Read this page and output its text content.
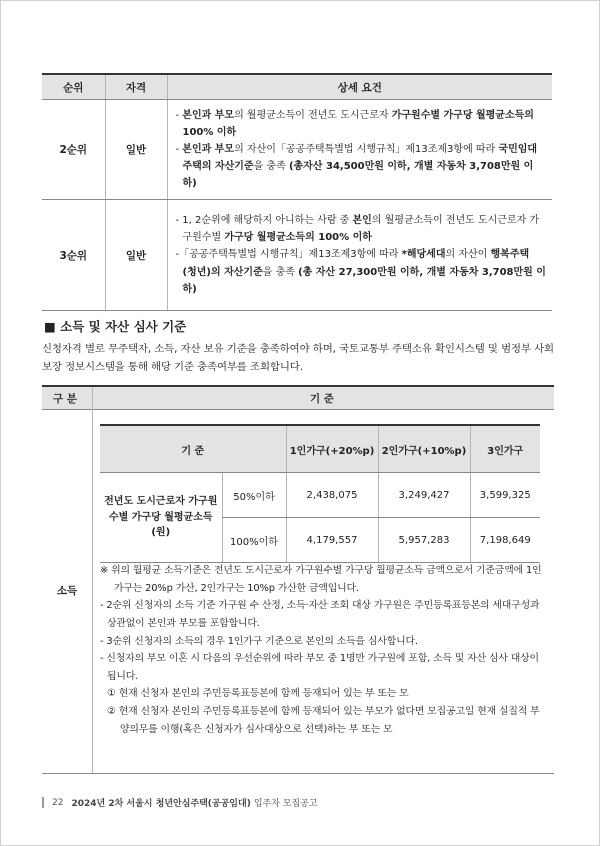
순위	자격	상세 요건
2순위	일반	- 본인과 부모의 월평균소득이 전년도 도시근로자 가구원수별 가구당 월평균소득의 100% 이하
- 본인과 부모의 자산이「공공주택특별법 시행규칙」제13조제3항에 따라 국민임대 주택의 자산기준을 충족 (총자산 34,500만원 이하, 개별 자동차 3,708만원 이하)

3순위	일반	- 1, 2순위에 해당하지 아니하는 사람 중 본인의 월평균소득이 전년도 도시근로자 가구원수별 가구당 월평균소득의 100% 이하
-「공공주택특별법 시행규칙」제13조제3항에 따라 *해당세대의 자산이 행복주택 (청년)의 자산기준을 충족 (총 자산 27,300만원 이하, 개별 자동차 3,708만원 이하)
■ 소득 및 자산 심사 기준
신청자격 별로 무주택자, 소득, 자산 보유 기준을 충족하여야 하며, 국토교통부 주택소유 확인시스템 및 범정부 사회보장 정보시스템을 통해 해당 기준 충족여부를 조회합니다.
구 분	기 준
소득
기 준		1인가구(+20%p)	2인가구(+10%p)	3인가구
전년도 도시근로자 가구원수별 가구당 월평균소득(원)	50%이하	2,438,075	3,249,427	3,599,325
	100%이하	4,179,557	5,957,283	7,198,649
※ 위의 월평균 소득기준은 전년도 도시근로자 가구원수별 가구당 월평균소득 금액으로서 기준금액에 1인가구는 20%p 가산, 2인가구는 10%p 가산한 금액입니다.
- 2순위 신청자의 소득 기준 가구원 수 산정, 소득·자산 조회 대상 가구원은 주민등록표등본의 세대구성과 상관없이 본인과 부모를 포함합니다.
- 3순위 신청자의 소득의 경우 1인가구 기준으로 본인의 소득을 심사합니다.
- 신청자의 부모 이혼 시 다음의 우선순위에 따라 부모 중 1명만 가구원에 포함, 소득 및 자산 심사 대상이 됩니다.
① 현재 신청자 본인의 주민등록표등본에 함께 등재되어 있는 부 또는 모
② 현재 신청자 본인의 주민등록표등본에 함께 등재되어 있는 부모가 없다면 모집공고일 현재 실질적 부양의무를 이행(혹은 신청자가 심사대상으로 선택)하는 부 또는 모
22 2024년 2차 서울시 청년안심주택(공공임대) 입주자 모집공고
